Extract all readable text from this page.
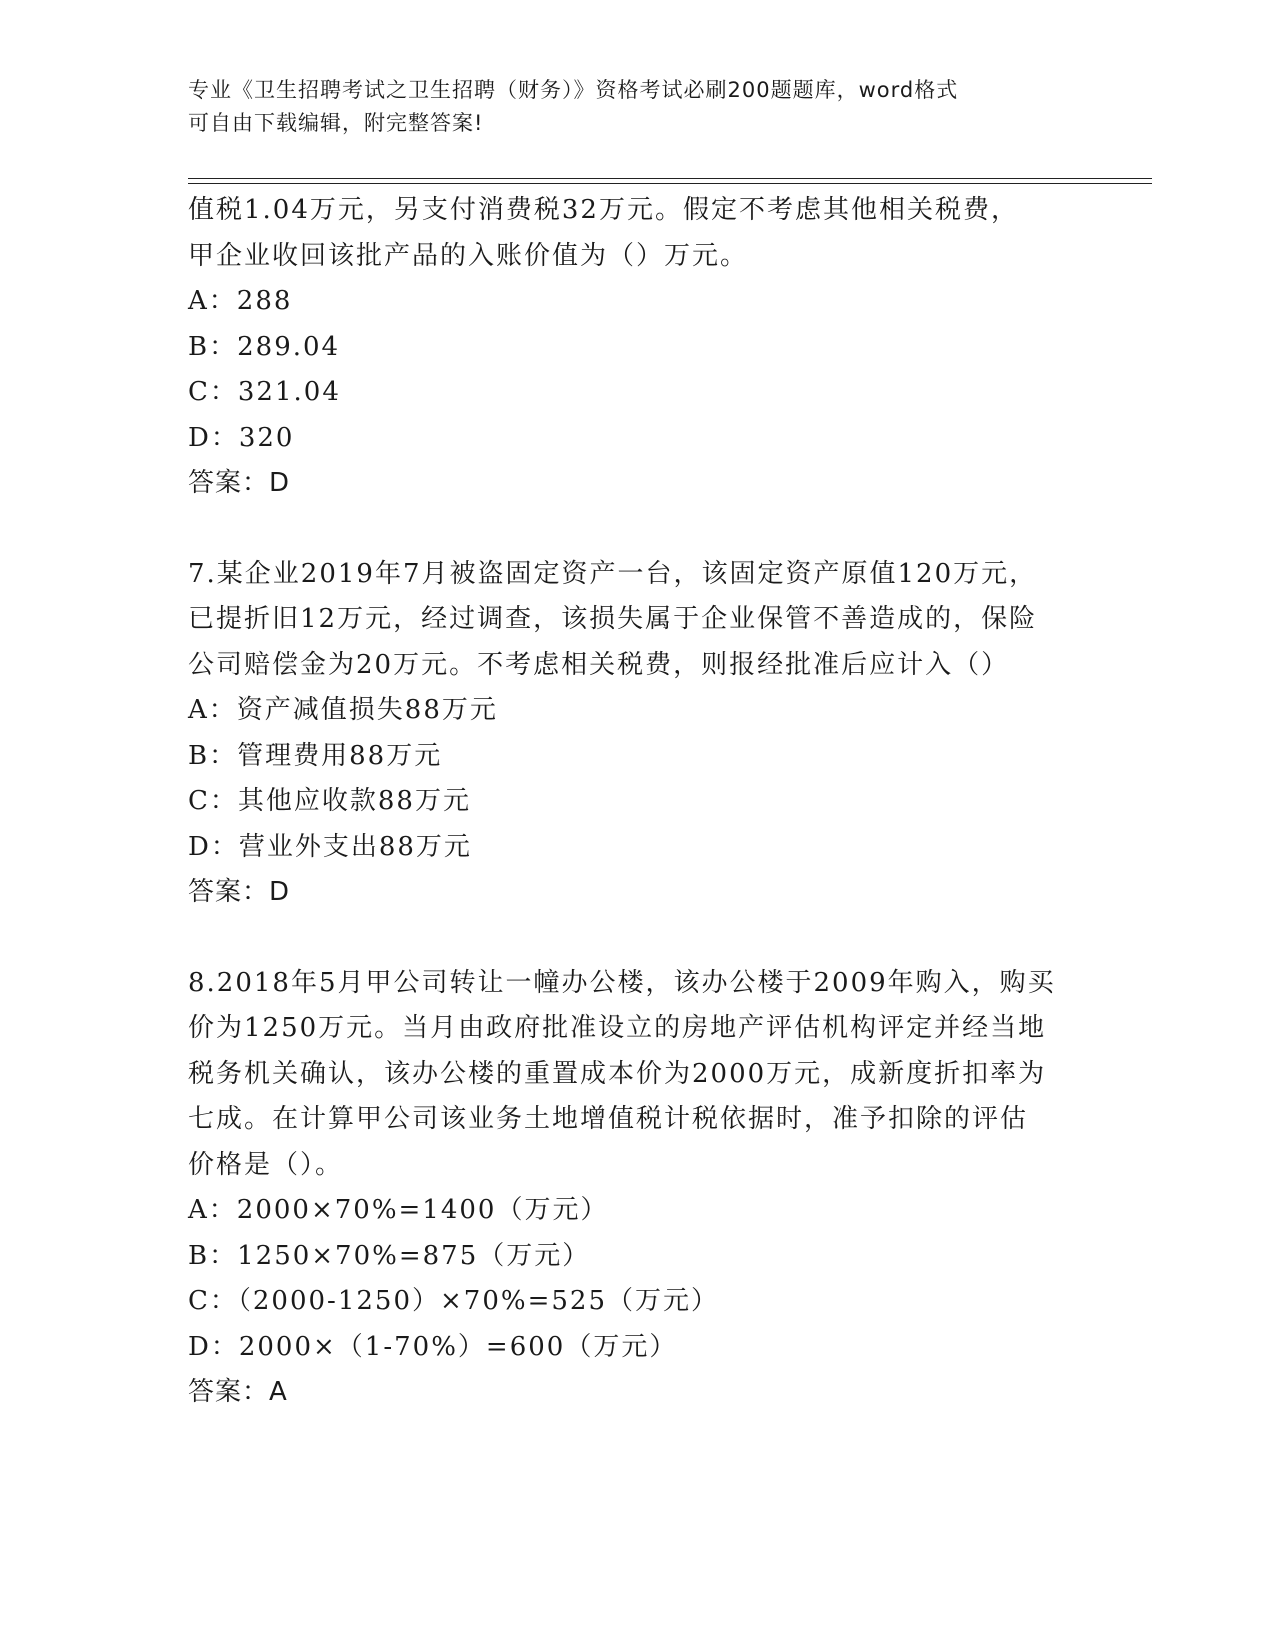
专业《卫生招聘考试之卫生招聘（财务）》资格考试必刷200题题库，word格式
可自由下载编辑，附完整答案!
值税1.04万元，另支付消费税32万元。假定不考虑其他相关税费，
甲企业收回该批产品的入账价值为（）万元。
A：288
B：289.04
C：321.04
D：320
答案：D
7.某企业2019年7月被盗固定资产一台，该固定资产原值120万元，
已提折旧12万元，经过调查，该损失属于企业保管不善造成的，保险
公司赔偿金为20万元。不考虑相关税费，则报经批准后应计入（）
A：资产减值损失88万元
B：管理费用88万元
C：其他应收款88万元
D：营业外支出88万元
答案：D
8.2018年5月甲公司转让一幢办公楼，该办公楼于2009年购入，购买
价为1250万元。当月由政府批准设立的房地产评估机构评定并经当地
税务机关确认，该办公楼的重置成本价为2000万元，成新度折扣率为
七成。在计算甲公司该业务土地增值税计税依据时，准予扣除的评估
价格是（）。
A：2000×70%=1400（万元）
B：1250×70%=875（万元）
C：（2000-1250）×70%=525（万元）
D：2000×（1-70%）=600（万元）
答案：A
